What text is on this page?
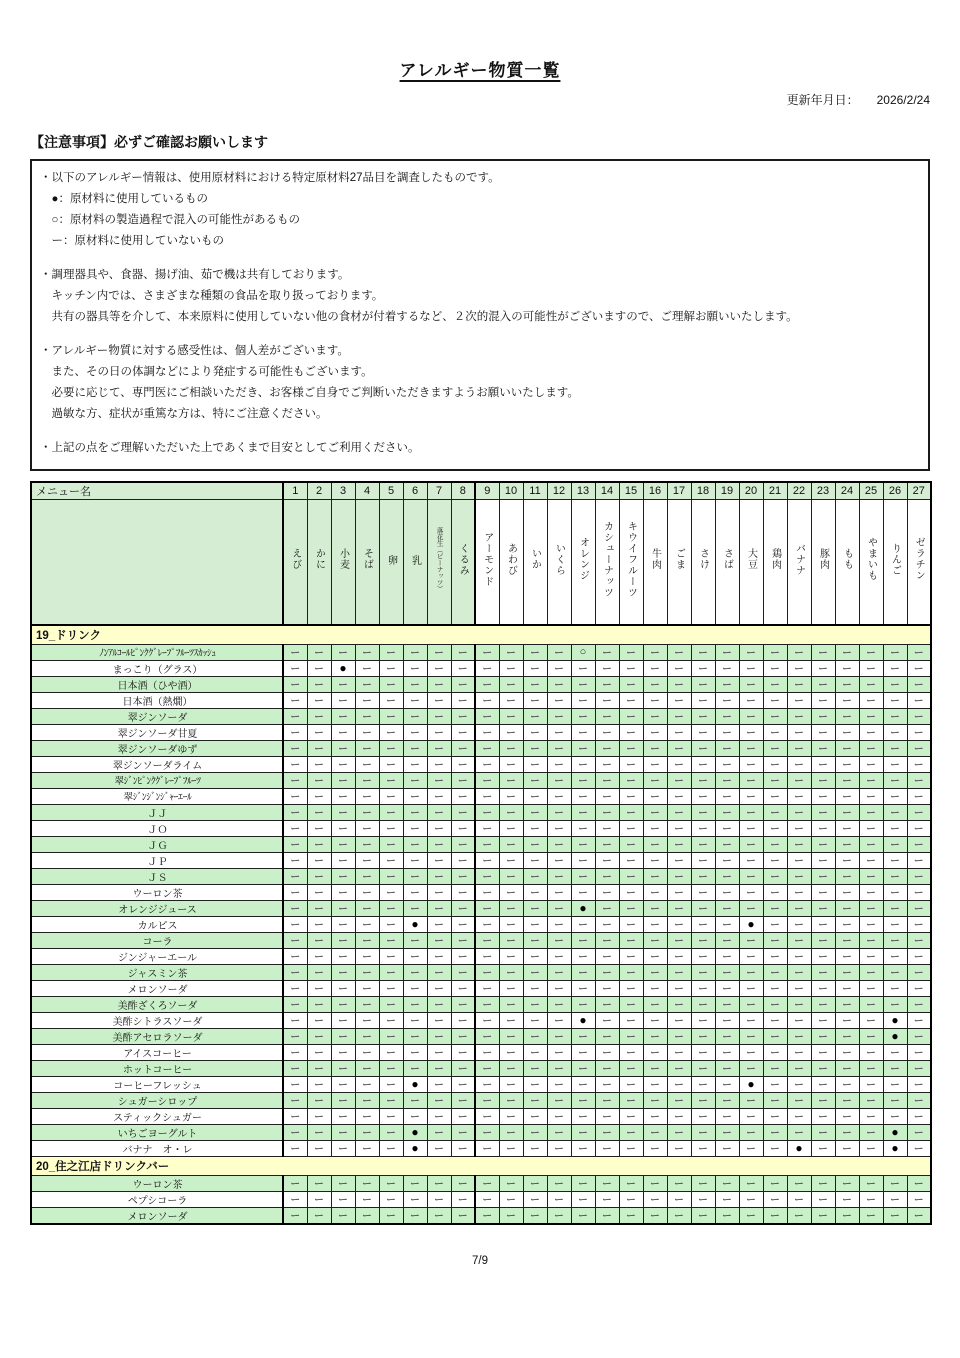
アレルギー物質一覧
更新年月日： 2026/2/24
【注意事項】必ずご確認お願いします

・以下のアレルギー情報は、使用原材料における特定原材料27品目を調査したものです。
　●：原材料に使用しているもの
　○：原材料の製造過程で混入の可能性があるもの
　ー：原材料に使用していないもの

・調理器具や、食器、揚げ油、茹で機は共有しております。
　キッチン内では、さまざまな種類の食品を取り扱っております。
　共有の器具等を介して、本来原料に使用していない他の食材が付着するなど、２次的混入の可能性がございますので、ご理解お願いいたします。

・アレルギー物質に対する感受性は、個人差がございます。
　また、その日の体調などにより発症する可能性もございます。
　必要に応じて、専門医にご相談いただき、お客様ご自身でご判断いただきますようお願いいたします。
　過敏な方、症状が重篤な方は、特にご注意ください。

・上記の点をご理解いただいた上であくまで目安としてご利用ください。

メニュー名	1	2	3	4	5	6	7	8	9	10	11	12	13	14	15	16	17	18	19	20	21	22	23	24	25	26	27
	えび	かに	小麦	そば	卵	乳	落花生（ピーナッツ）	くるみ	アーモンド	あわび	いか	いくら	オレンジ	カシューナッツ	キウイフルーツ	牛肉	ごま	さけ	さば	大豆	鶏肉	バナナ	豚肉	もも	やまいも	りんご	ゼラチン
19_ドリンク																											
ﾉﾝｱﾙｺｰﾙﾋﾟﾝｸｸﾞﾚｰﾌﾟﾌﾙｰﾂｽｶｯｼｭ	ー	ー	ー	ー	ー	ー	ー	ー	ー	ー	ー	ー	○	ー	ー	ー	ー	ー	ー	ー	ー	ー	ー	ー	ー	ー	ー
まっこり（グラス）	ー	ー	●	ー	ー	ー	ー	ー	ー	ー	ー	ー	ー	ー	ー	ー	ー	ー	ー	ー	ー	ー	ー	ー	ー	ー	ー
日本酒（ひや酒）	ー	ー	ー	ー	ー	ー	ー	ー	ー	ー	ー	ー	ー	ー	ー	ー	ー	ー	ー	ー	ー	ー	ー	ー	ー	ー	ー
日本酒（熱燗）	ー	ー	ー	ー	ー	ー	ー	ー	ー	ー	ー	ー	ー	ー	ー	ー	ー	ー	ー	ー	ー	ー	ー	ー	ー	ー	ー
翠ジンソーダ	ー	ー	ー	ー	ー	ー	ー	ー	ー	ー	ー	ー	ー	ー	ー	ー	ー	ー	ー	ー	ー	ー	ー	ー	ー	ー	ー
翠ジンソーダ甘夏	ー	ー	ー	ー	ー	ー	ー	ー	ー	ー	ー	ー	ー	ー	ー	ー	ー	ー	ー	ー	ー	ー	ー	ー	ー	ー	ー
翠ジンソーダゆず	ー	ー	ー	ー	ー	ー	ー	ー	ー	ー	ー	ー	ー	ー	ー	ー	ー	ー	ー	ー	ー	ー	ー	ー	ー	ー	ー
翠ジンソーダライム	ー	ー	ー	ー	ー	ー	ー	ー	ー	ー	ー	ー	ー	ー	ー	ー	ー	ー	ー	ー	ー	ー	ー	ー	ー	ー	ー
翠ｼﾞﾝﾋﾟﾝｸｸﾞﾚｰﾌﾟﾌﾙｰﾂ	ー	ー	ー	ー	ー	ー	ー	ー	ー	ー	ー	ー	ー	ー	ー	ー	ー	ー	ー	ー	ー	ー	ー	ー	ー	ー	ー
翠ｼﾞﾝｼﾞﾝｼﾞｬｰｴｰﾙ	ー	ー	ー	ー	ー	ー	ー	ー	ー	ー	ー	ー	ー	ー	ー	ー	ー	ー	ー	ー	ー	ー	ー	ー	ー	ー	ー
ＪＪ	ー	ー	ー	ー	ー	ー	ー	ー	ー	ー	ー	ー	ー	ー	ー	ー	ー	ー	ー	ー	ー	ー	ー	ー	ー	ー	ー
ＪＯ	ー	ー	ー	ー	ー	ー	ー	ー	ー	ー	ー	ー	ー	ー	ー	ー	ー	ー	ー	ー	ー	ー	ー	ー	ー	ー	ー
ＪＧ	ー	ー	ー	ー	ー	ー	ー	ー	ー	ー	ー	ー	ー	ー	ー	ー	ー	ー	ー	ー	ー	ー	ー	ー	ー	ー	ー
ＪＰ	ー	ー	ー	ー	ー	ー	ー	ー	ー	ー	ー	ー	ー	ー	ー	ー	ー	ー	ー	ー	ー	ー	ー	ー	ー	ー	ー
ＪＳ	ー	ー	ー	ー	ー	ー	ー	ー	ー	ー	ー	ー	ー	ー	ー	ー	ー	ー	ー	ー	ー	ー	ー	ー	ー	ー	ー
ウーロン茶	ー	ー	ー	ー	ー	ー	ー	ー	ー	ー	ー	ー	ー	ー	ー	ー	ー	ー	ー	ー	ー	ー	ー	ー	ー	ー	ー
オレンジジュース	ー	ー	ー	ー	ー	ー	ー	ー	ー	ー	ー	ー	●	ー	ー	ー	ー	ー	ー	ー	ー	ー	ー	ー	ー	ー	ー
カルピス	ー	ー	ー	ー	ー	●	ー	ー	ー	ー	ー	ー	ー	ー	ー	ー	ー	ー	ー	●	ー	ー	ー	ー	ー	ー	ー
コーラ	ー	ー	ー	ー	ー	ー	ー	ー	ー	ー	ー	ー	ー	ー	ー	ー	ー	ー	ー	ー	ー	ー	ー	ー	ー	ー	ー
ジンジャーエール	ー	ー	ー	ー	ー	ー	ー	ー	ー	ー	ー	ー	ー	ー	ー	ー	ー	ー	ー	ー	ー	ー	ー	ー	ー	ー	ー
ジャスミン茶	ー	ー	ー	ー	ー	ー	ー	ー	ー	ー	ー	ー	ー	ー	ー	ー	ー	ー	ー	ー	ー	ー	ー	ー	ー	ー	ー
メロンソーダ	ー	ー	ー	ー	ー	ー	ー	ー	ー	ー	ー	ー	ー	ー	ー	ー	ー	ー	ー	ー	ー	ー	ー	ー	ー	ー	ー
美酢ざくろソーダ	ー	ー	ー	ー	ー	ー	ー	ー	ー	ー	ー	ー	ー	ー	ー	ー	ー	ー	ー	ー	ー	ー	ー	ー	ー	ー	ー
美酢シトラスソーダ	ー	ー	ー	ー	ー	ー	ー	ー	ー	ー	ー	ー	●	ー	ー	ー	ー	ー	ー	ー	ー	ー	ー	ー	ー	●	ー
美酢アセロラソーダ	ー	ー	ー	ー	ー	ー	ー	ー	ー	ー	ー	ー	ー	ー	ー	ー	ー	ー	ー	ー	ー	ー	ー	ー	ー	●	ー
アイスコーヒー	ー	ー	ー	ー	ー	ー	ー	ー	ー	ー	ー	ー	ー	ー	ー	ー	ー	ー	ー	ー	ー	ー	ー	ー	ー	ー	ー
ホットコーヒー	ー	ー	ー	ー	ー	ー	ー	ー	ー	ー	ー	ー	ー	ー	ー	ー	ー	ー	ー	ー	ー	ー	ー	ー	ー	ー	ー
コーヒーフレッシュ	ー	ー	ー	ー	ー	●	ー	ー	ー	ー	ー	ー	ー	ー	ー	ー	ー	ー	ー	●	ー	ー	ー	ー	ー	ー	ー
シュガーシロップ	ー	ー	ー	ー	ー	ー	ー	ー	ー	ー	ー	ー	ー	ー	ー	ー	ー	ー	ー	ー	ー	ー	ー	ー	ー	ー	ー
スティックシュガー	ー	ー	ー	ー	ー	ー	ー	ー	ー	ー	ー	ー	ー	ー	ー	ー	ー	ー	ー	ー	ー	ー	ー	ー	ー	ー	ー
いちごヨーグルト	ー	ー	ー	ー	ー	●	ー	ー	ー	ー	ー	ー	ー	ー	ー	ー	ー	ー	ー	ー	ー	ー	ー	ー	ー	●	ー
バナナ　オ・レ	ー	ー	ー	ー	ー	●	ー	ー	ー	ー	ー	ー	ー	ー	ー	ー	ー	ー	ー	ー	ー	●	ー	ー	ー	●	ー
20_住之江店ドリンクバー																											
ウーロン茶	ー	ー	ー	ー	ー	ー	ー	ー	ー	ー	ー	ー	ー	ー	ー	ー	ー	ー	ー	ー	ー	ー	ー	ー	ー	ー	ー
ペプシコーラ	ー	ー	ー	ー	ー	ー	ー	ー	ー	ー	ー	ー	ー	ー	ー	ー	ー	ー	ー	ー	ー	ー	ー	ー	ー	ー	ー
メロンソーダ	ー	ー	ー	ー	ー	ー	ー	ー	ー	ー	ー	ー	ー	ー	ー	ー	ー	ー	ー	ー	ー	ー	ー	ー	ー	ー	ー
7/9
